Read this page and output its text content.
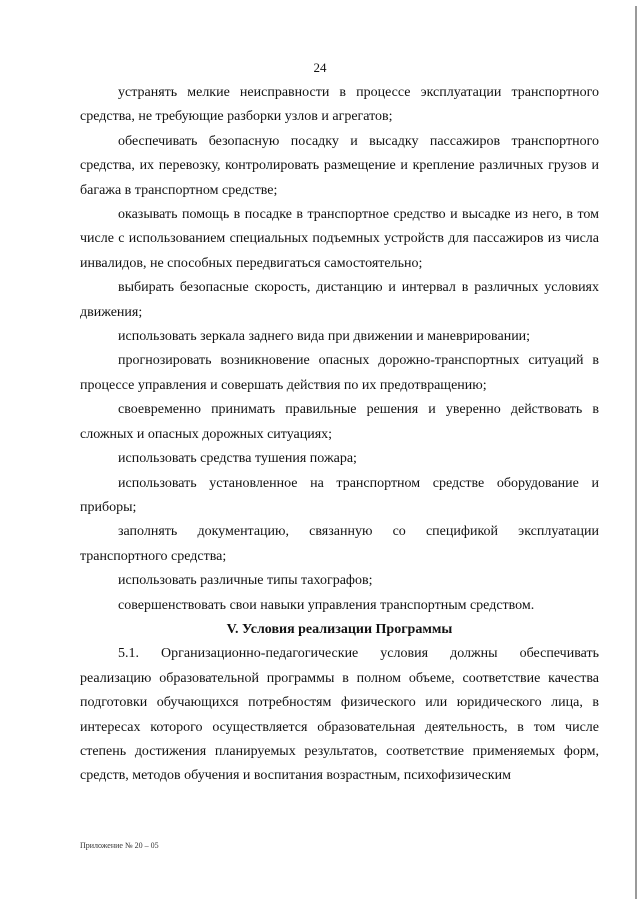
24

устранять мелкие неисправности в процессе эксплуатации транспортного средства, не требующие разборки узлов и агрегатов;

обеспечивать безопасную посадку и высадку пассажиров транспортного средства, их перевозку, контролировать размещение и крепление различных грузов и багажа в транспортном средстве;

оказывать помощь в посадке в транспортное средство и высадке из него, в том числе с использованием специальных подъемных устройств для пассажиров из числа инвалидов, не способных передвигаться самостоятельно;

выбирать безопасные скорость, дистанцию и интервал в различных условиях движения;

использовать зеркала заднего вида при движении и маневрировании;

прогнозировать возникновение опасных дорожно-транспортных ситуаций в процессе управления и совершать действия по их предотвращению;

своевременно принимать правильные решения и уверенно действовать в сложных и опасных дорожных ситуациях;

использовать средства тушения пожара;

использовать установленное на транспортном средстве оборудование и приборы;

заполнять документацию, связанную со спецификой эксплуатации транспортного средства;

использовать различные типы тахографов;

совершенствовать свои навыки управления транспортным средством.

V. Условия реализации Программы

5.1. Организационно-педагогические условия должны обеспечивать реализацию образовательной программы в полном объеме, соответствие качества подготовки обучающихся потребностям физического или юридического лица, в интересах которого осуществляется образовательная деятельность, в том числе степень достижения планируемых результатов, соответствие применяемых форм, средств, методов обучения и воспитания возрастным, психофизическим

Приложение № 20 – 05
